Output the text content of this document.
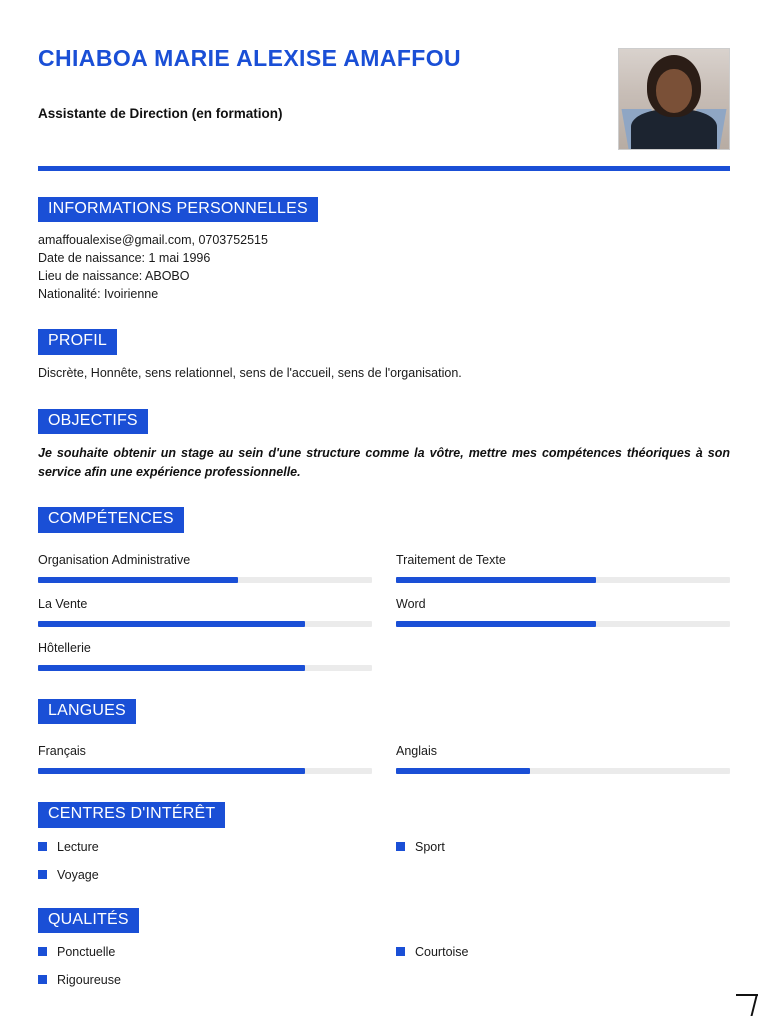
CHIABOA MARIE ALEXISE AMAFFOU
Assistante de Direction (en formation)
INFORMATIONS PERSONNELLES
amaffoualexise@gmail.com, 0703752515
Date de naissance: 1 mai 1996
Lieu de naissance: ABOBO
Nationalité: Ivoirienne
PROFIL
Discrète, Honnête, sens relationnel, sens de l'accueil, sens de l'organisation.
OBJECTIFS
Je souhaite obtenir un stage au sein d'une structure comme la vôtre, mettre mes compétences théoriques à son service afin une expérience professionnelle.
COMPÉTENCES
Organisation Administrative	Traitement de Texte
La Vente	Word
Hôtellerie
LANGUES
Français	Anglais
CENTRES D'INTÉRÊT
Lecture	Sport
Voyage
QUALITÉS
Ponctuelle	Courtoise
Rigoureuse
